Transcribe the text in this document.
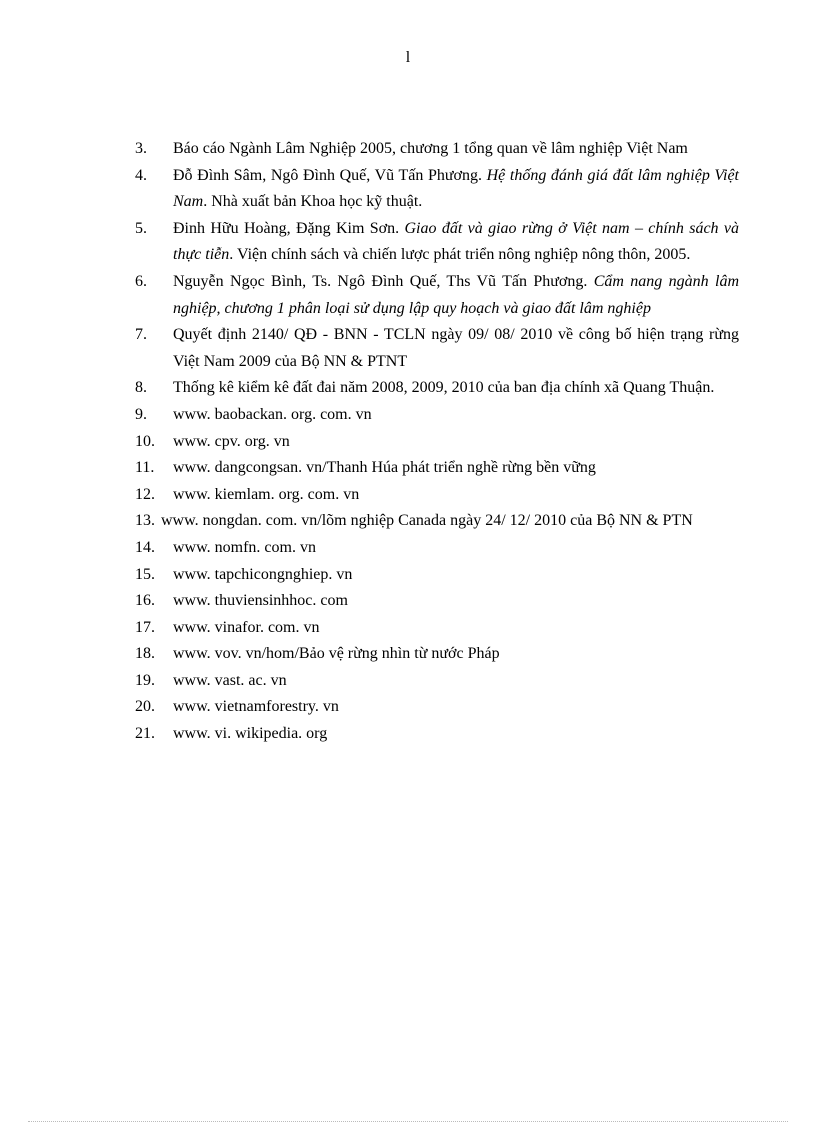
l
3.	Báo cáo Ngành Lâm Nghiệp 2005, chương 1 tổng quan về lâm nghiệp Việt Nam
4.	Đỗ Đình Sâm, Ngô Đình Quế, Vũ Tấn Phương. Hệ thống đánh giá đất lâm nghiệp Việt Nam. Nhà xuất bản Khoa học kỹ thuật.
5.	Đinh Hữu Hoàng, Đặng Kim Sơn. Giao đất và giao rừng ở Việt nam – chính sách và thực tiễn. Viện chính sách và chiến lược phát triển nông nghiệp nông thôn, 2005.
6.	Nguyễn Ngọc Bình, Ts. Ngô Đình Quế, Ths Vũ Tấn Phương. Cẩm nang ngành lâm nghiệp, chương 1 phân loại sử dụng lập quy hoạch và giao đất lâm nghiệp
7.	Quyết định 2140/ QĐ - BNN - TCLN ngày 09/ 08/ 2010 về công bố hiện trạng rừng Việt Nam 2009 của Bộ NN & PTNT
8.	Thống kê kiểm kê đất đai năm 2008, 2009, 2010 của ban địa chính xã Quang Thuận.
9.	www. baobackan. org. com. vn
10.	www. cpv. org. vn
11.	www. dangcongsan. vn/Thanh Húa phát triển nghề rừng bền vững
12.	www. kiemlam. org. com. vn
13. www. nongdan. com. vn/lõm nghiệp Canada ngày 24/ 12/ 2010 của Bộ NN & PTN
14.	www. nomfn. com. vn
15.	www. tapchicongnghiep. vn
16.	www. thuviensinhhoc. com
17.	www. vinafor. com. vn
18.	www. vov. vn/hom/Bảo vệ rừng nhìn từ nước Pháp
19.	www. vast. ac. vn
20.	www. vietnamforestry. vn
21.	www. vi. wikipedia. org
